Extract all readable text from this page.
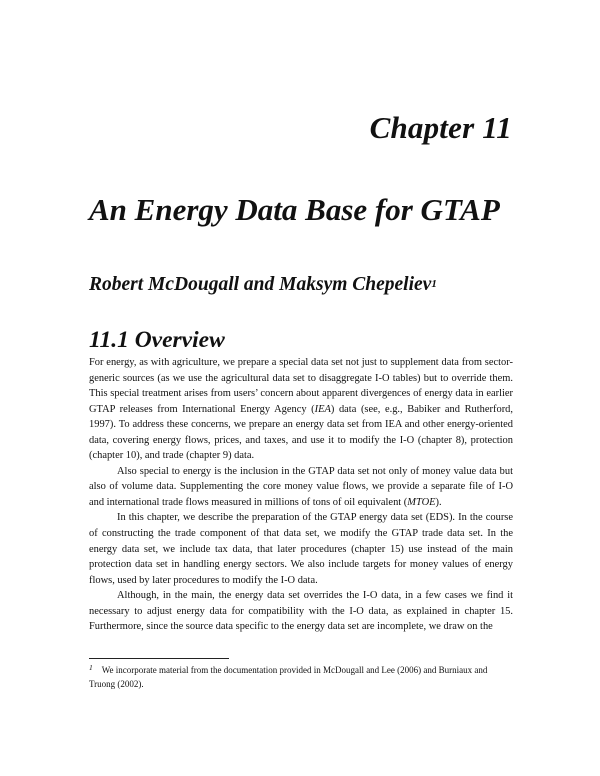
Chapter 11
An Energy Data Base for GTAP
Robert McDougall and Maksym Chepeliev$^1$
11.1 Overview

For energy, as with agriculture, we prepare a special data set not just to supplement data from sector-generic sources (as we use the agricultural data set to disaggregate I-O tables) but to override them. This special treatment arises from users’ concern about apparent divergences of energy data in earlier GTAP releases from International Energy Agency (IEA) data (see, e.g., Babiker and Rutherford, 1997). To address these concerns, we prepare an energy data set from IEA and other energy-oriented data, covering energy flows, prices, and taxes, and use it to modify the I-O (chapter 8), protection (chapter 10), and trade (chapter 9) data.

Also special to energy is the inclusion in the GTAP data set not only of money value data but also of volume data. Supplementing the core money value flows, we provide a separate file of I-O and international trade flows measured in millions of tons of oil equivalent (MTOE).

In this chapter, we describe the preparation of the GTAP energy data set (EDS). In the course of constructing the trade component of that data set, we modify the GTAP trade data set. In the energy data set, we include tax data, that later procedures (chapter 15) use instead of the main protection data set in handling energy sectors. We also include targets for money values of energy flows, used by later procedures to modify the I-O data.

Although, in the main, the energy data set overrides the I-O data, in a few cases we find it necessary to adjust energy data for compatibility with the I-O data, as explained in chapter 15. Furthermore, since the source data specific to the energy data set are incomplete, we draw on the

$^1$ We incorporate material from the documentation provided in McDougall and Lee (2006) and Burniaux and Truong (2002).
